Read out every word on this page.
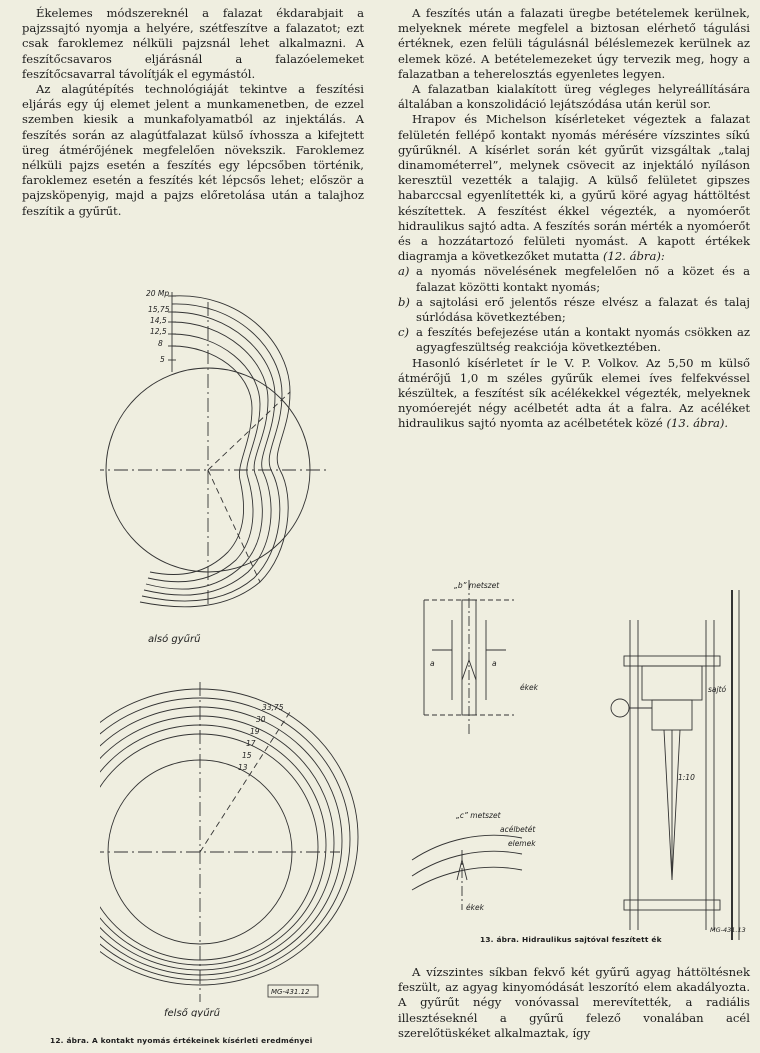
Ékelemes módszereknél a falazat ékdarabjait a pajzssajtó nyomja a helyére, szétfeszítve a falazatot; ezt csak faroklemez nélküli pajzsnál lehet alkalmazni. A feszítőcsavaros eljárásnál a falazóelemeket feszítőcsavarral távolítják el egymástól.

Az alagútépítés technológiáját tekintve a feszítési eljárás egy új elemet jelent a munkamenetben, de ezzel szemben kiesik a munkafolyamatból az injektálás. A feszítés során az alagútfalazat külső ívhossza a kifejtett üreg átmérőjének megfelelően növekszik. Faroklemez nélküli pajzs esetén a feszítés egy lépcsőben történik, faroklemez esetén a feszítés két lépcsős lehet; először a pajzsköpenyig, majd a pajzs előretolása után a talajhoz feszítik a gyűrűt.

20 Mp
15,75
14,5
12,5
8
5
alsó gyűrű
33,75
30
19
17
15
13
MG-431.12
felső gyűrű
12. ábra. A kontakt nyomás értékeinek kísérleti eredményei

A feszítés után a falazati üregbe betételemek kerülnek, melyeknek mérete megfelel a biztosan elérhető tágulási értéknek, ezen felüli tágulásnál béléslemezek kerülnek az elemek közé. A betételemezeket úgy tervezik meg, hogy a falazatban a teherelosztás egyenletes legyen.

A falazatban kialakított üreg végleges helyreállítására általában a konszolidáció lejátszódása után kerül sor.

Hrapov és Michelson kísérleteket végeztek a falazat felületén fellépő kontakt nyomás mérésére vízszintes síkú gyűrűknél. A kísérlet során két gyűrűt vizsgáltak „talaj dinamométerrel”, melynek csövecit az injektáló nyíláson keresztül vezették a talajig. A külső felületet gipszes habarccsal egyenlítették ki, a gyűrű köré agyag háttöltést készítettek. A feszítést ékkel végezték, a nyomóerőt hidraulikus sajtó adta. A feszítés során mérték a nyomóerőt és a hozzátartozó felületi nyomást. A kapott értékek diagramja a következőket mutatta (12. ábra):

a) a nyomás növelésének megfelelően nő a közet és a falazat közötti kontakt nyomás;
b) a sajtolási erő jelentős része elvész a falazat és talaj súrlódása következtében;
c) a feszítés befejezése után a kontakt nyomás csökken az agyagfeszültség reakciója következtében.

Hasonló kísérletet ír le V. P. Volkov. Az 5,50 m külső átmérőjű 1,0 m széles gyűrűk elemei íves felfekvéssel készültek, a feszítést sík acélékekkel végezték, melyeknek nyomóerejét négy acélbetét adta át a falra. Az acéléket hidraulikus sajtó nyomta az acélbetétek közé (13. ábra).

„b” metszet
a	a
ékek
„c” metszet
acélbetét
elemek
ékek
sajtó
1:10
MG-431.13
13. ábra. Hidraulikus sajtóval feszített ék

A vízszintes síkban fekvő két gyűrű agyag háttöltésnek feszült, az agyag kinyomódását leszorító elem akadályozta. A gyűrűt négy vonóvassal merevítették, a radiális illesztéseknél a gyűrű felező vonalában acél szerelőtüskéket alkalmaztak, így
